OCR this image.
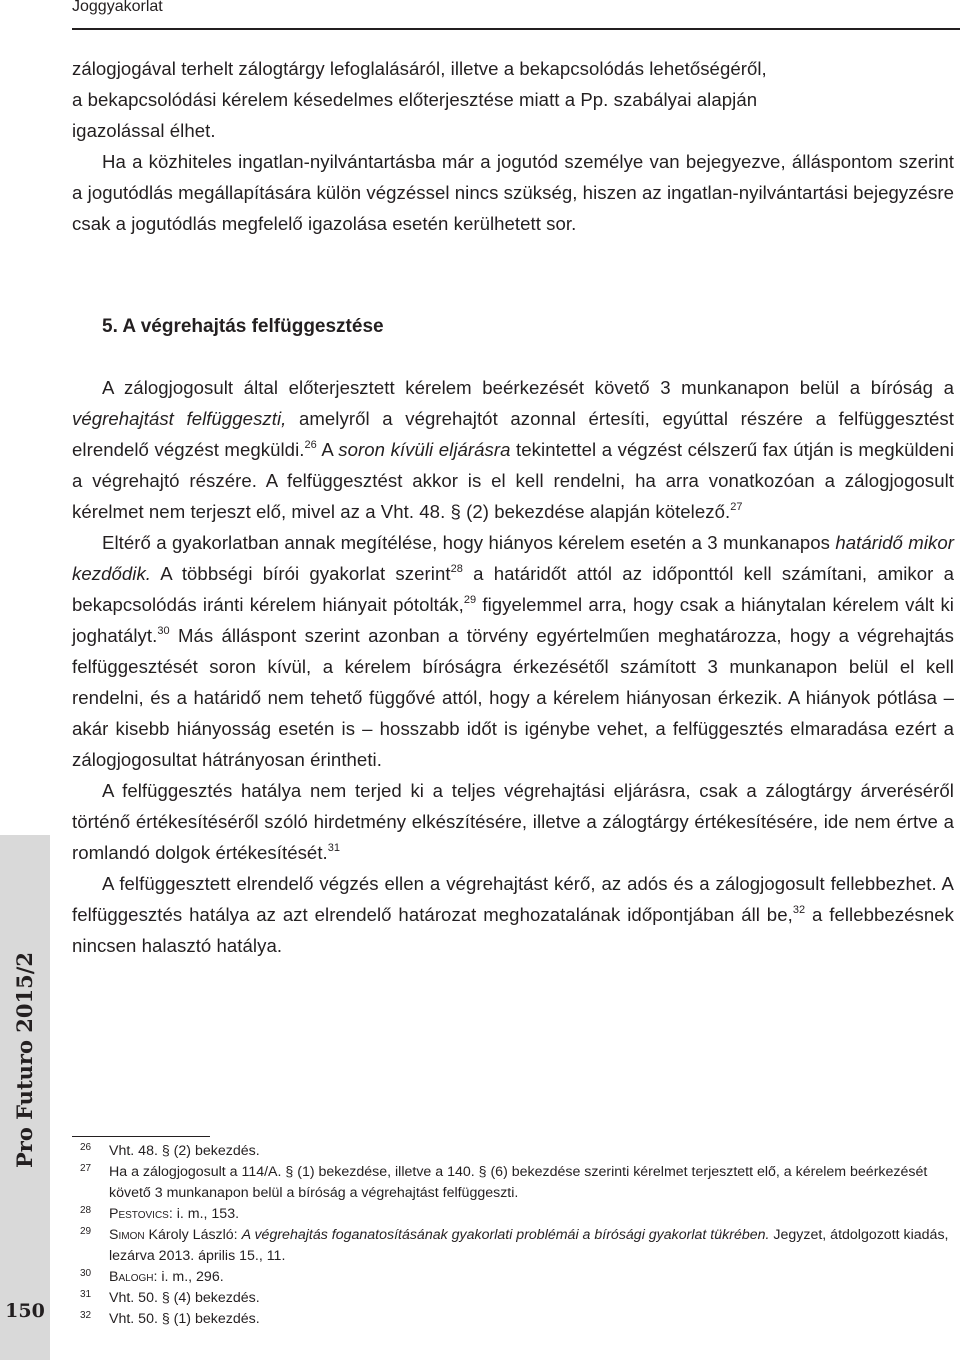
Joggyakorlat
Pro Futuro 2015/2
150

zálogjogával terhelt zálogtárgy lefoglalásáról, illetve a bekapcsolódás lehetőségéről,

a bekapcsolódási kérelem késedelmes előterjesztése miatt a Pp. szabályai alapján

igazolással élhet.

Ha a közhiteles ingatlan-nyilvántartásba már a jogutód személye van bejegyezve, álláspontom szerint a jogutódlás megállapítására külön végzéssel nincs szükség, hiszen az ingatlan-nyilvántartási bejegyzésre csak a jogutódlás megfelelő igazolása esetén kerülhetett sor.

5. A végrehajtás felfüggesztése

A zálogjogosult által előterjesztett kérelem beérkezését követő 3 munkanapon belül a bíróság a végrehajtást felfüggeszti, amelyről a végrehajtót azonnal értesíti, egyúttal részére a felfüggesztést elrendelő végzést megküldi.$^{26}$ A soron kívüli eljárásra tekintettel a végzést célszerű fax útján is megküldeni a végrehajtó részére. A felfüggesztést akkor is el kell rendelni, ha arra vonatkozóan a zálogjogosult kérelmet nem terjeszt elő, mivel az a Vht. 48. § (2) bekezdése alapján kötelező.$^{27}$

Eltérő a gyakorlatban annak megítélése, hogy hiányos kérelem esetén a 3 munkanapos határidő mikor kezdődik. A többségi bírói gyakorlat szerint$^{28}$ a határidőt attól az időponttól kell számítani, amikor a bekapcsolódás iránti kérelem hiányait pótolták,$^{29}$ figyelemmel arra, hogy csak a hiánytalan kérelem vált ki joghatályt.$^{30}$ Más álláspont szerint azonban a törvény egyértelműen meghatározza, hogy a végrehajtás felfüggesztését soron kívül, a kérelem bíróságra érkezésétől számított 3 munkanapon belül el kell rendelni, és a határidő nem tehető függővé attól, hogy a kérelem hiányosan érkezik. A hiányok pótlása – akár kisebb hiányosság esetén is – hosszabb időt is igénybe vehet, a felfüggesztés elmaradása ezért a zálogjogosultat hátrányosan érintheti.

A felfüggesztés hatálya nem terjed ki a teljes végrehajtási eljárásra, csak a zálogtárgy árveréséről történő értékesítéséről szóló hirdetmény elkészítésére, illetve a zálogtárgy értékesítésére, ide nem értve a romlandó dolgok értékesítését.$^{31}$

A felfüggesztett elrendelő végzés ellen a végrehajtást kérő, az adós és a zálogjogosult fellebbezhet. A felfüggesztés hatálya az azt elrendelő határozat meghozatalának időpontjában áll be,$^{32}$ a fellebbezésnek nincsen halasztó hatálya.

26 Vht. 48. § (2) bekezdés.
27 Ha a zálogjogosult a 114/A. § (1) bekezdése, illetve a 140. § (6) bekezdése szerinti kérelmet terjesztett elő, a kérelem beérkezését követő 3 munkanapon belül a bíróság a végrehajtást felfüggeszti.
28 Pestovics: i. m., 153.
29 Simon Károly László: A végrehajtás foganatosításának gyakorlati problémái a bírósági gyakorlat tükrében. Jegyzet, átdolgozott kiadás, lezárva 2013. április 15., 11.
30 Balogh: i. m., 296.
31 Vht. 50. § (4) bekezdés.
32 Vht. 50. § (1) bekezdés.
